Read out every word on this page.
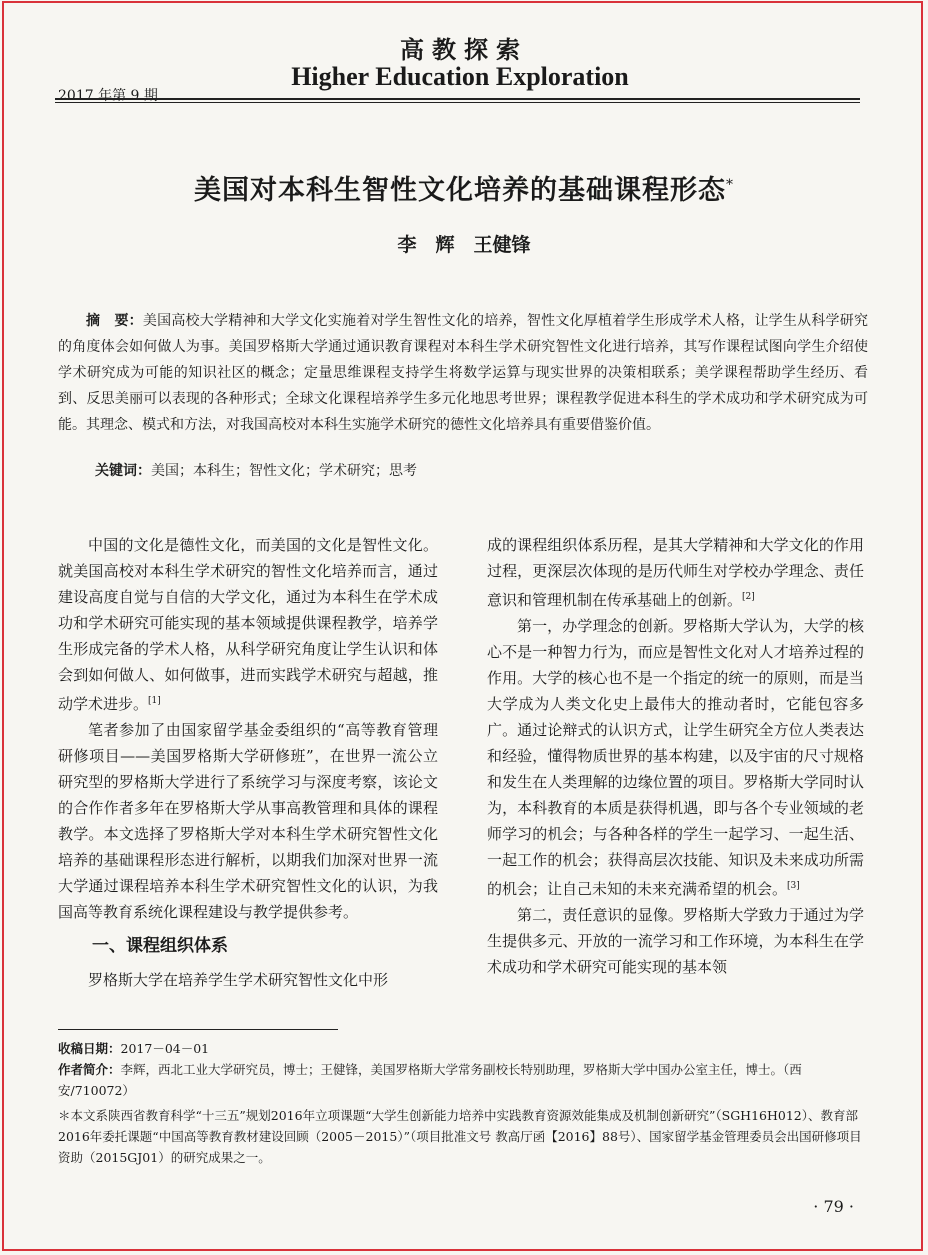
高教探索
Higher Education Exploration
2017 年第 9 期
美国对本科生智性文化培养的基础课程形态*
李　辉　王健锋
摘　要：美国高校大学精神和大学文化实施着对学生智性文化的培养，智性文化厚植着学生形成学术人格，让学生从科学研究的角度体会如何做人为事。美国罗格斯大学通过通识教育课程对本科生学术研究智性文化进行培养，其写作课程试图向学生介绍使学术研究成为可能的知识社区的概念；定量思维课程支持学生将数学运算与现实世界的决策相联系；美学课程帮助学生经历、看到、反思美丽可以表现的各种形式；全球文化课程培养学生多元化地思考世界；课程教学促进本科生的学术成功和学术研究成为可能。其理念、模式和方法，对我国高校对本科生实施学术研究的德性文化培养具有重要借鉴价值。
关键词：美国；本科生；智性文化；学术研究；思考

中国的文化是德性文化，而美国的文化是智性文化。就美国高校对本科生学术研究的智性文化培养而言，通过建设高度自觉与自信的大学文化，通过为本科生在学术成功和学术研究可能实现的基本领域提供课程教学，培养学生形成完备的学术人格，从科学研究角度让学生认识和体会到如何做人、如何做事，进而实践学术研究与超越，推动学术进步。[1]

笔者参加了由国家留学基金委组织的“高等教育管理研修项目——美国罗格斯大学研修班”，在世界一流公立研究型的罗格斯大学进行了系统学习与深度考察，该论文的合作作者多年在罗格斯大学从事高教管理和具体的课程教学。本文选择了罗格斯大学对本科生学术研究智性文化培养的基础课程形态进行解析，以期我们加深对世界一流大学通过课程培养本科生学术研究智性文化的认识，为我国高等教育系统化课程建设与教学提供参考。

一、课程组织体系

罗格斯大学在培养学生学术研究智性文化中形

成的课程组织体系历程，是其大学精神和大学文化的作用过程，更深层次体现的是历代师生对学校办学理念、责任意识和管理机制在传承基础上的创新。[2]

第一，办学理念的创新。罗格斯大学认为，大学的核心不是一种智力行为，而应是智性文化对人才培养过程的作用。大学的核心也不是一个指定的统一的原则，而是当大学成为人类文化史上最伟大的推动者时，它能包容多广。通过论辩式的认识方式，让学生研究全方位人类表达和经验，懂得物质世界的基本构建，以及宇宙的尺寸规格和发生在人类理解的边缘位置的项目。罗格斯大学同时认为，本科教育的本质是获得机遇，即与各个专业领域的老师学习的机会；与各种各样的学生一起学习、一起生活、一起工作的机会；获得高层次技能、知识及未来成功所需的机会；让自己未知的未来充满希望的机会。[3]

第二，责任意识的显像。罗格斯大学致力于通过为学生提供多元、开放的一流学习和工作环境，为本科生在学术成功和学术研究可能实现的基本领

收稿日期：2017－04－01
作者简介：李辉，西北工业大学研究员，博士；王健锋，美国罗格斯大学常务副校长特别助理，罗格斯大学中国办公室主任，博士。（西安/710072）
＊本文系陕西省教育科学“十三五”规划2016年立项课题“大学生创新能力培养中实践教育资源效能集成及机制创新研究”（SGH16H012）、教育部2016年委托课题“中国高等教育教材建设回顾（2005－2015）”（项目批准文号 教高厅函【2016】88号）、国家留学基金管理委员会出国研修项目资助（2015GJ01）的研究成果之一。
· 79 ·
